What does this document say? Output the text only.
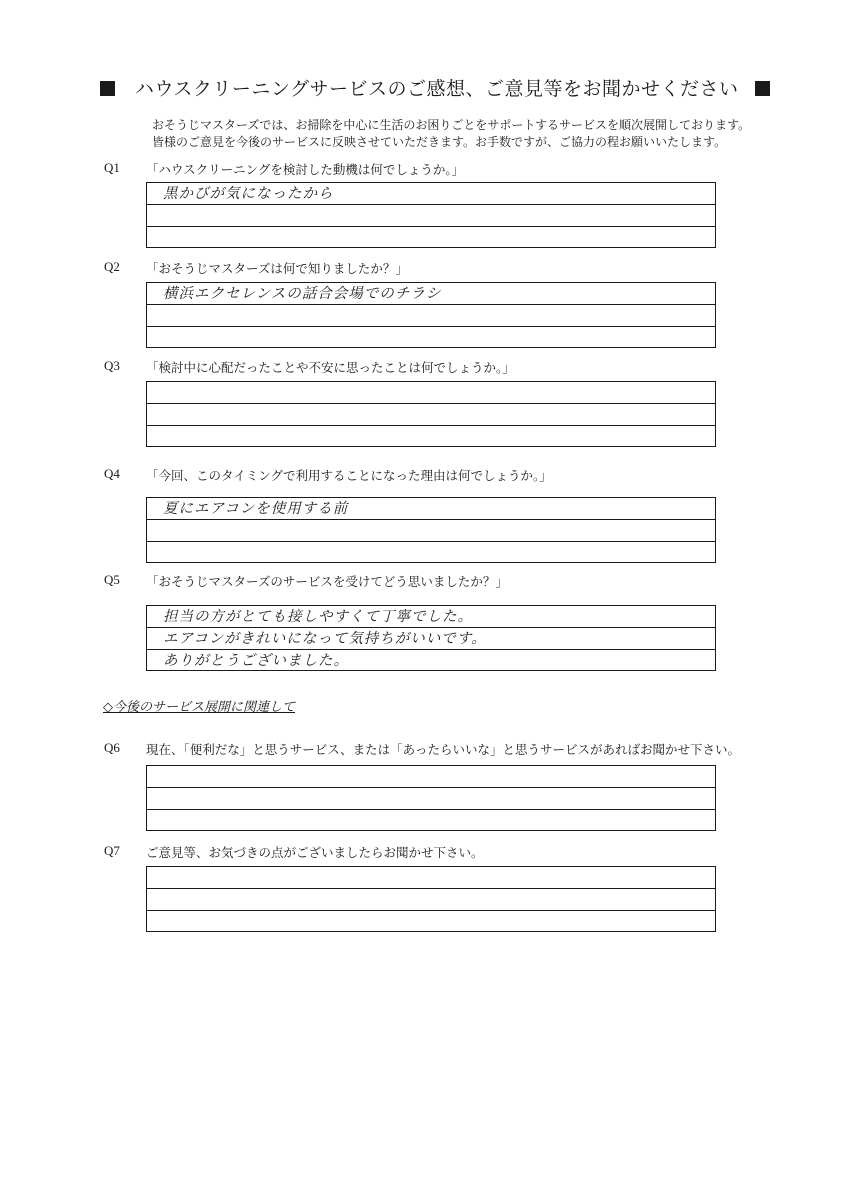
ハウスクリーニングサービスのご感想、ご意見等をお聞かせください
おそうじマスターズでは、お掃除を中心に生活のお困りごとをサポートするサービスを順次展開しております。
皆様のご意見を今後のサービスに反映させていただきます。お手数ですが、ご協力の程お願いいたします。
Q1 「ハウスクリーニングを検討した動機は何でしょうか。」
黒かびが気になったから
Q2 「おそうじマスターズは何で知りましたか？」
横浜エクセレンスの話合会場でのチラシ
Q3 「検討中に心配だったことや不安に思ったことは何でしょうか。」
Q4 「今回、このタイミングで利用することになった理由は何でしょうか。」
夏にエアコンを使用する前
Q5 「おそうじマスターズのサービスを受けてどう思いましたか？」
担当の方がとても接しやすくて丁寧でした。
エアコンがきれいになって気持ちがいいです。
ありがとうございました。
◇今後のサービス展開に関連して
Q6 現在、「便利だな」と思うサービス、または「あったらいいな」と思うサービスがあればお聞かせ下さい。
Q7 ご意見等、お気づきの点がございましたらお聞かせ下さい。
